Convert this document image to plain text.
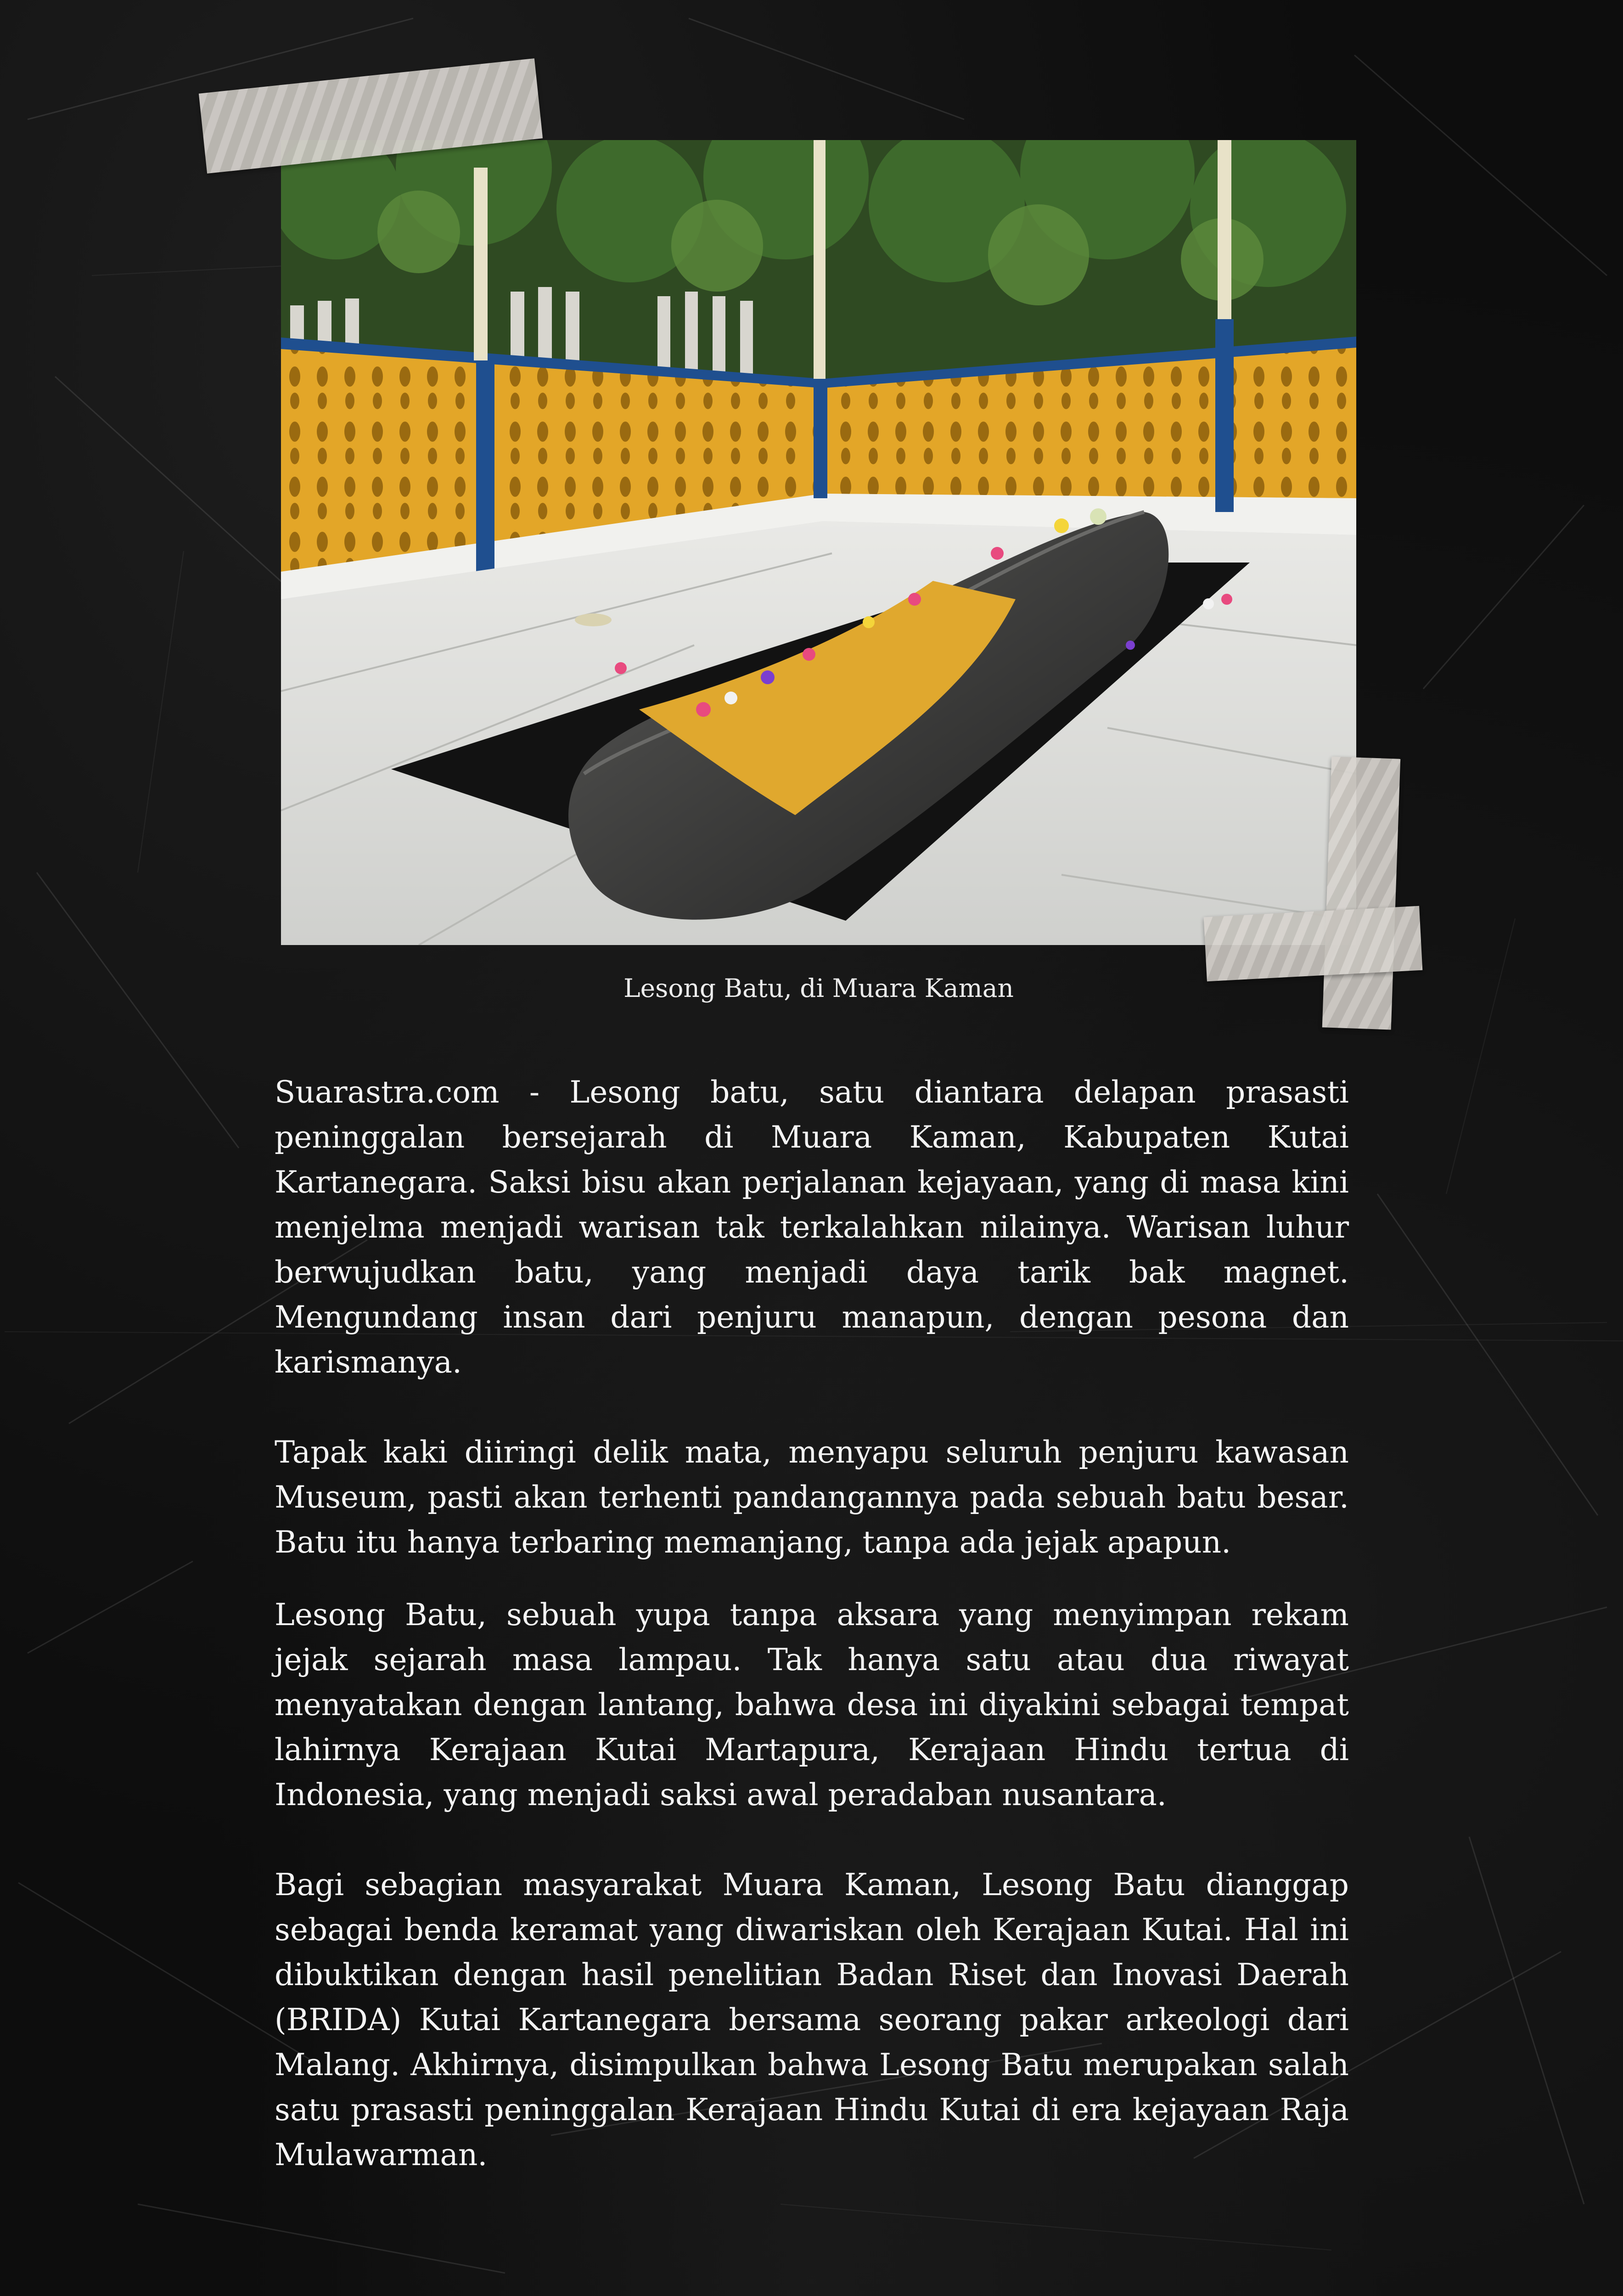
Lesong Batu, di Muara Kaman

Suarastra.com - Lesong batu, satu diantara delapan prasasti peninggalan bersejarah di Muara Kaman, Kabupaten Kutai Kartanegara. Saksi bisu akan perjalanan kejayaan, yang di masa kini menjelma menjadi warisan tak terkalahkan nilainya. Warisan luhur berwujudkan batu, yang menjadi daya tarik bak magnet. Mengundang insan dari penjuru manapun, dengan pesona dan karismanya.

Tapak kaki diiringi delik mata, menyapu seluruh penjuru kawasan Museum, pasti akan terhenti pandangannya pada sebuah batu besar. Batu itu hanya terbaring memanjang, tanpa ada jejak apapun.

Lesong Batu, sebuah yupa tanpa aksara yang menyimpan rekam jejak sejarah masa lampau. Tak hanya satu atau dua riwayat menyatakan dengan lantang, bahwa desa ini diyakini sebagai tempat lahirnya Kerajaan Kutai Martapura, Kerajaan Hindu tertua di Indonesia, yang menjadi saksi awal peradaban nusantara.

Bagi sebagian masyarakat Muara Kaman, Lesong Batu dianggap sebagai benda keramat yang diwariskan oleh Kerajaan Kutai. Hal ini dibuktikan dengan hasil penelitian Badan Riset dan Inovasi Daerah (BRIDA) Kutai Kartanegara bersama seorang pakar arkeologi dari Malang. Akhirnya, disimpulkan bahwa Lesong Batu merupakan salah satu prasasti peninggalan Kerajaan Hindu Kutai di era kejayaan Raja Mulawarman.
